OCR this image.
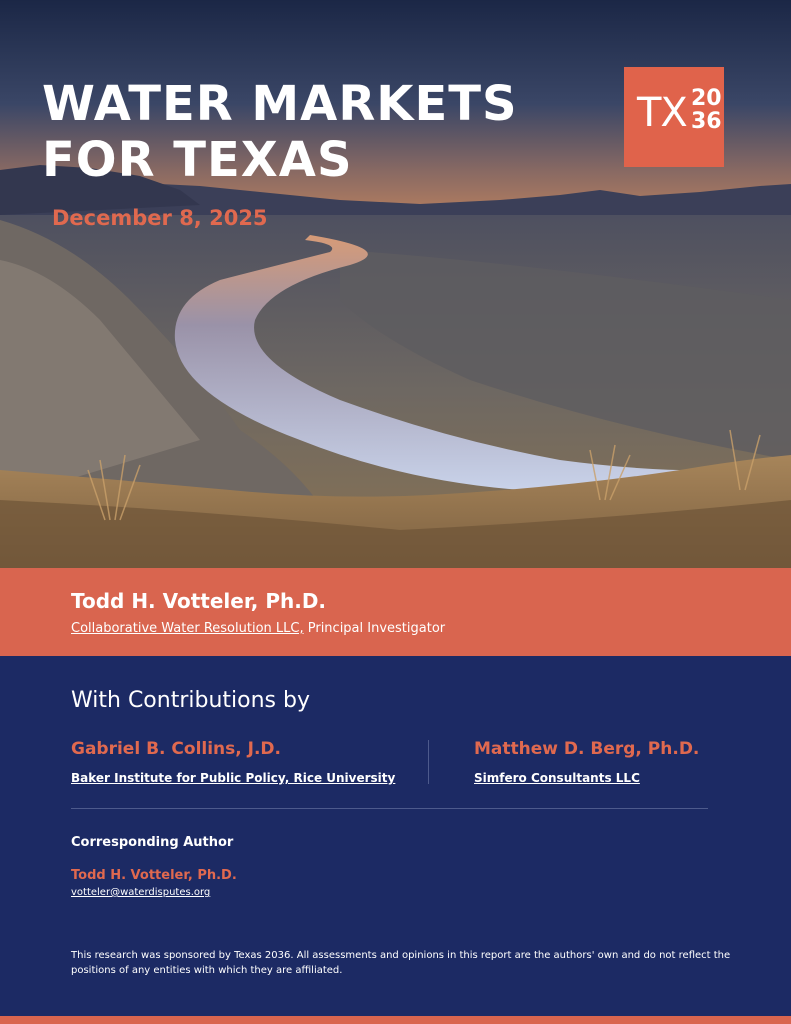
WATER MARKETS
FOR TEXAS
December 8, 2025
TX 20
36
Todd H. Votteler, Ph.D.
Collaborative Water Resolution LLC, Principal Investigator
With Contributions by
Gabriel B. Collins, J.D.
Baker Institute for Public Policy, Rice University
Matthew D. Berg, Ph.D.
Simfero Consultants LLC
Corresponding Author
Todd H. Votteler, Ph.D.
votteler@waterdisputes.org
This research was sponsored by Texas 2036. All assessments and opinions in this report are the authors' own and do not reflect the positions of any entities with which they are affiliated.
